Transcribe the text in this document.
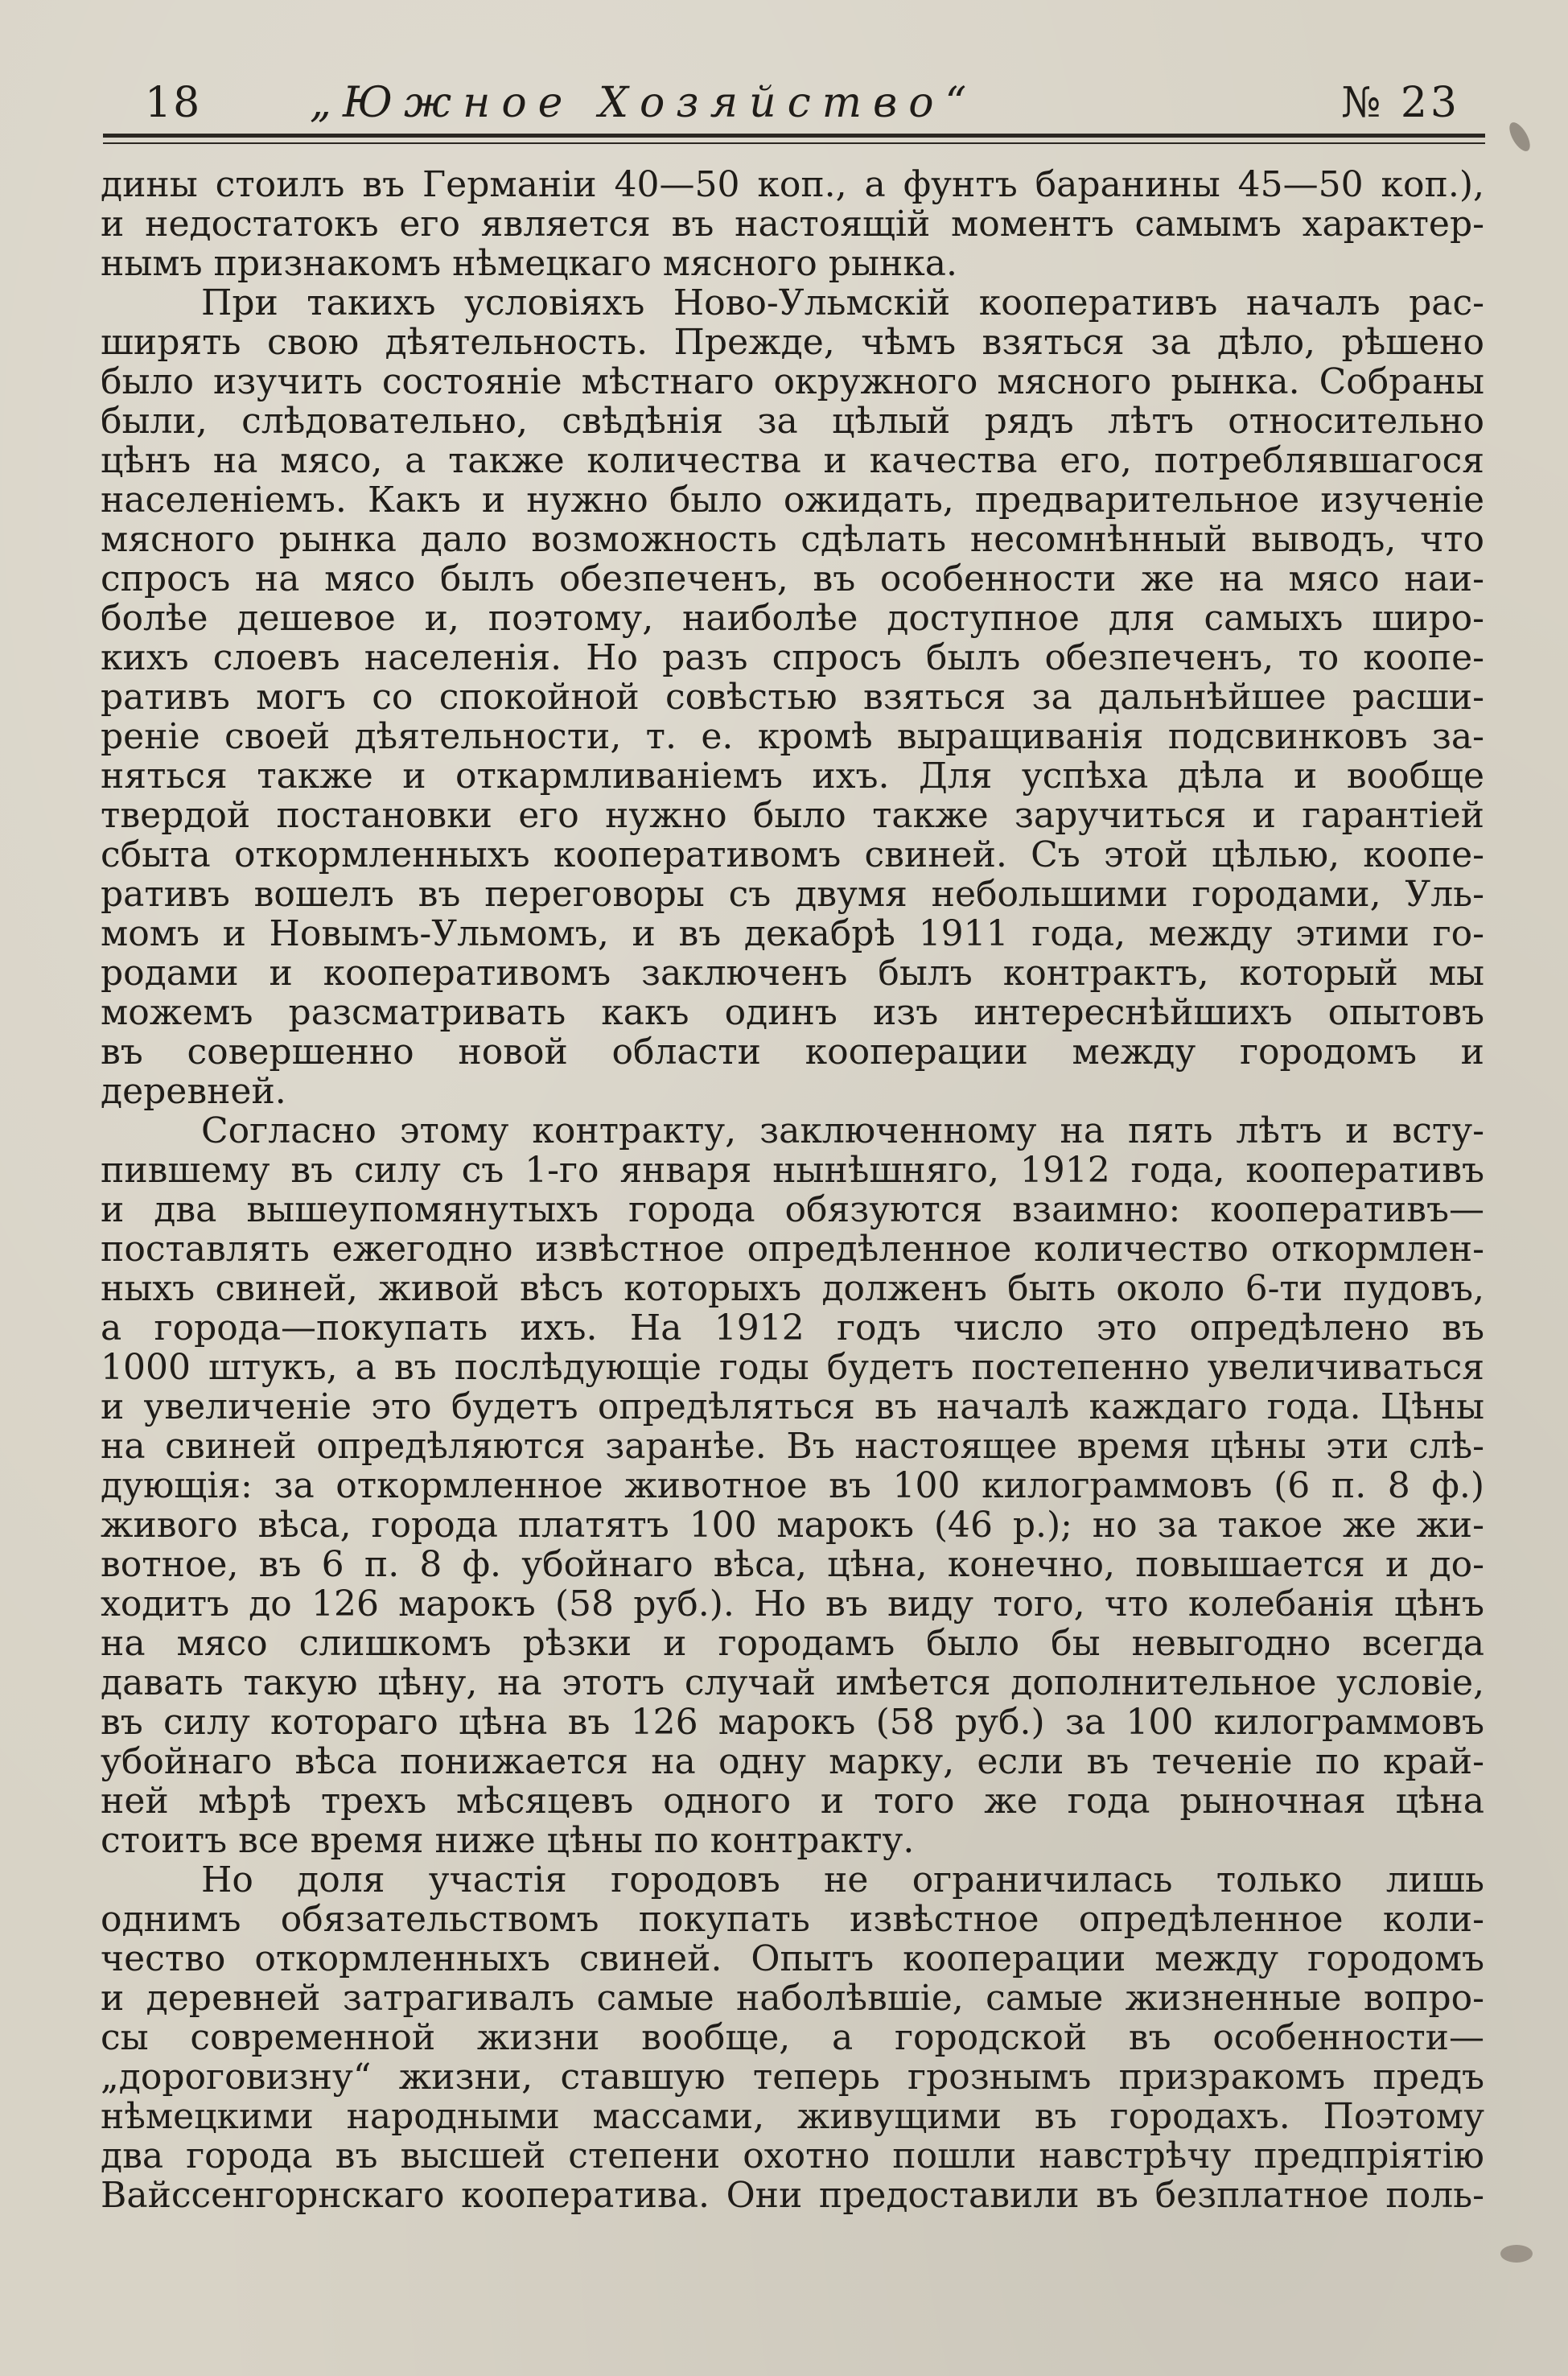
18	„Южное Хозяйство“	№ 23
дины стоилъ въ Германіи 40—50 коп., а фунтъ баранины 45—50 коп.),
и недостатокъ его является въ настоящій моментъ самымъ характер-
нымъ признакомъ нѣмецкаго мясного рынка.
При такихъ условіяхъ Ново-Ульмскій кооперативъ началъ рас-
ширять свою дѣятельность. Прежде, чѣмъ взяться за дѣло, рѣшено
было изучить состояніе мѣстнаго окружного мясного рынка. Собраны
были, слѣдовательно, свѣдѣнія за цѣлый рядъ лѣтъ относительно
цѣнъ на мясо, а также количества и качества его, потреблявшагося
населеніемъ. Какъ и нужно было ожидать, предварительное изученіе
мясного рынка дало возможность сдѣлать несомнѣнный выводъ, что
спросъ на мясо былъ обезпеченъ, въ особенности же на мясо наи-
болѣе дешевое и, поэтому, наиболѣе доступное для самыхъ широ-
кихъ слоевъ населенія. Но разъ спросъ былъ обезпеченъ, то коопе-
ративъ могъ со спокойной совѣстью взяться за дальнѣйшее расши-
реніе своей дѣятельности, т. е. кромѣ выращиванія подсвинковъ за-
няться также и откармливаніемъ ихъ. Для успѣха дѣла и вообще
твердой постановки его нужно было также заручиться и гарантіей
сбыта откормленныхъ кооперативомъ свиней. Съ этой цѣлью, коопе-
ративъ вошелъ въ переговоры съ двумя небольшими городами, Уль-
момъ и Новымъ-Ульмомъ, и въ декабрѣ 1911 года, между этими го-
родами и кооперативомъ заключенъ былъ контрактъ, который мы
можемъ разсматривать какъ одинъ изъ интереснѣйшихъ опытовъ
въ совершенно новой области кооперации между городомъ и
деревней.
Согласно этому контракту, заключенному на пять лѣтъ и всту-
пившему въ силу съ 1-го января нынѣшняго, 1912 года, кооперативъ
и два вышеупомянутыхъ города обязуются взаимно: кооперативъ—
поставлять ежегодно извѣстное опредѣленное количество откормлен-
ныхъ свиней, живой вѣсъ которыхъ долженъ быть около 6-ти пудовъ,
а города—покупать ихъ. На 1912 годъ число это опредѣлено въ
1000 штукъ, а въ послѣдующіе годы будетъ постепенно увеличиваться
и увеличеніе это будетъ опредѣляться въ началѣ каждаго года. Цѣны
на свиней опредѣляются заранѣе. Въ настоящее время цѣны эти слѣ-
дующія: за откормленное животное въ 100 килограммовъ (6 п. 8 ф.)
живого вѣса, города платятъ 100 марокъ (46 р.); но за такое же жи-
вотное, въ 6 п. 8 ф. убойнаго вѣса, цѣна, конечно, повышается и до-
ходитъ до 126 марокъ (58 руб.). Но въ виду того, что колебанія цѣнъ
на мясо слишкомъ рѣзки и городамъ было бы невыгодно всегда
давать такую цѣну, на этотъ случай имѣется дополнительное условіе,
въ силу котораго цѣна въ 126 марокъ (58 руб.) за 100 килограммовъ
убойнаго вѣса понижается на одну марку, если въ теченіе по край-
ней мѣрѣ трехъ мѣсяцевъ одного и того же года рыночная цѣна
стоитъ все время ниже цѣны по контракту.
Но доля участія городовъ не ограничилась только лишь
однимъ обязательствомъ покупать извѣстное опредѣленное коли-
чество откормленныхъ свиней. Опытъ кооперации между городомъ
и деревней затрагивалъ самые наболѣвшіе, самые жизненные вопро-
сы современной жизни вообще, а городской въ особенности—
„дороговизну“ жизни, ставшую теперь грознымъ призракомъ предъ
нѣмецкими народными массами, живущими въ городахъ. Поэтому
два города въ высшей степени охотно пошли навстрѣчу предпріятію
Вайссенгорнскаго кооператива. Они предоставили въ безплатное поль-
